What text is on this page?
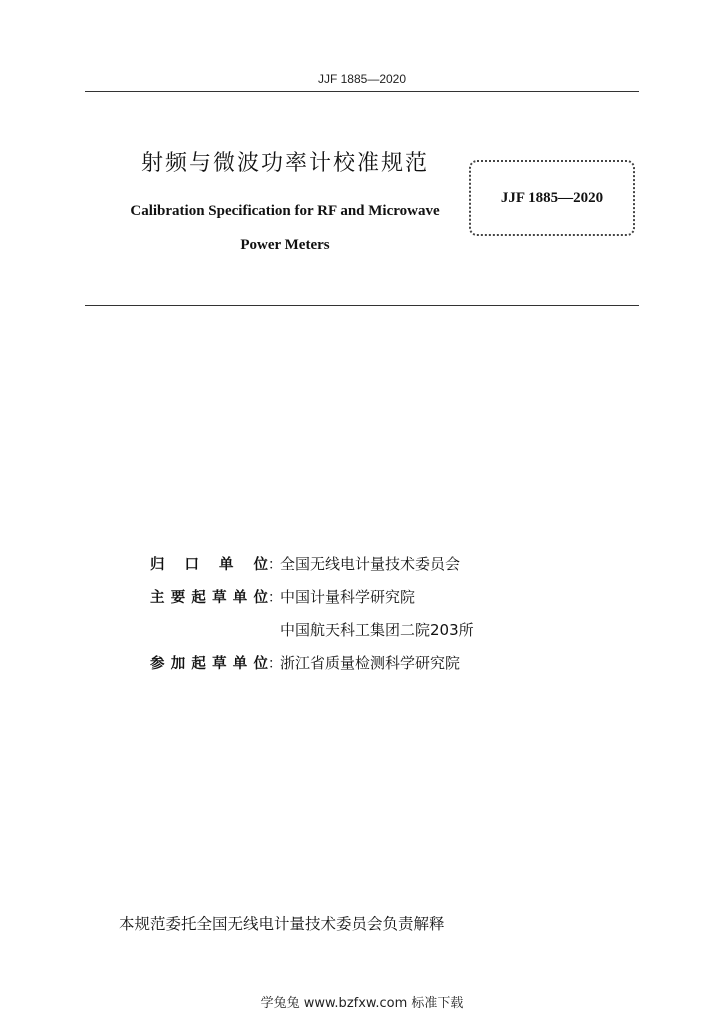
JJF 1885—2020
射频与微波功率计校准规范
Calibration Specification for RF and Microwave
Power Meters
JJF 1885—2020
归 口 单 位 ：
全国无线电计量技术委员会
主要起草单位 ：
中国计量科学研究院
中国航天科工集团二院203所
参加起草单位 ：
浙江省质量检测科学研究院
本规范委托全国无线电计量技术委员会负责解释
学兔兔 www.bzfxw.com 标准下载
